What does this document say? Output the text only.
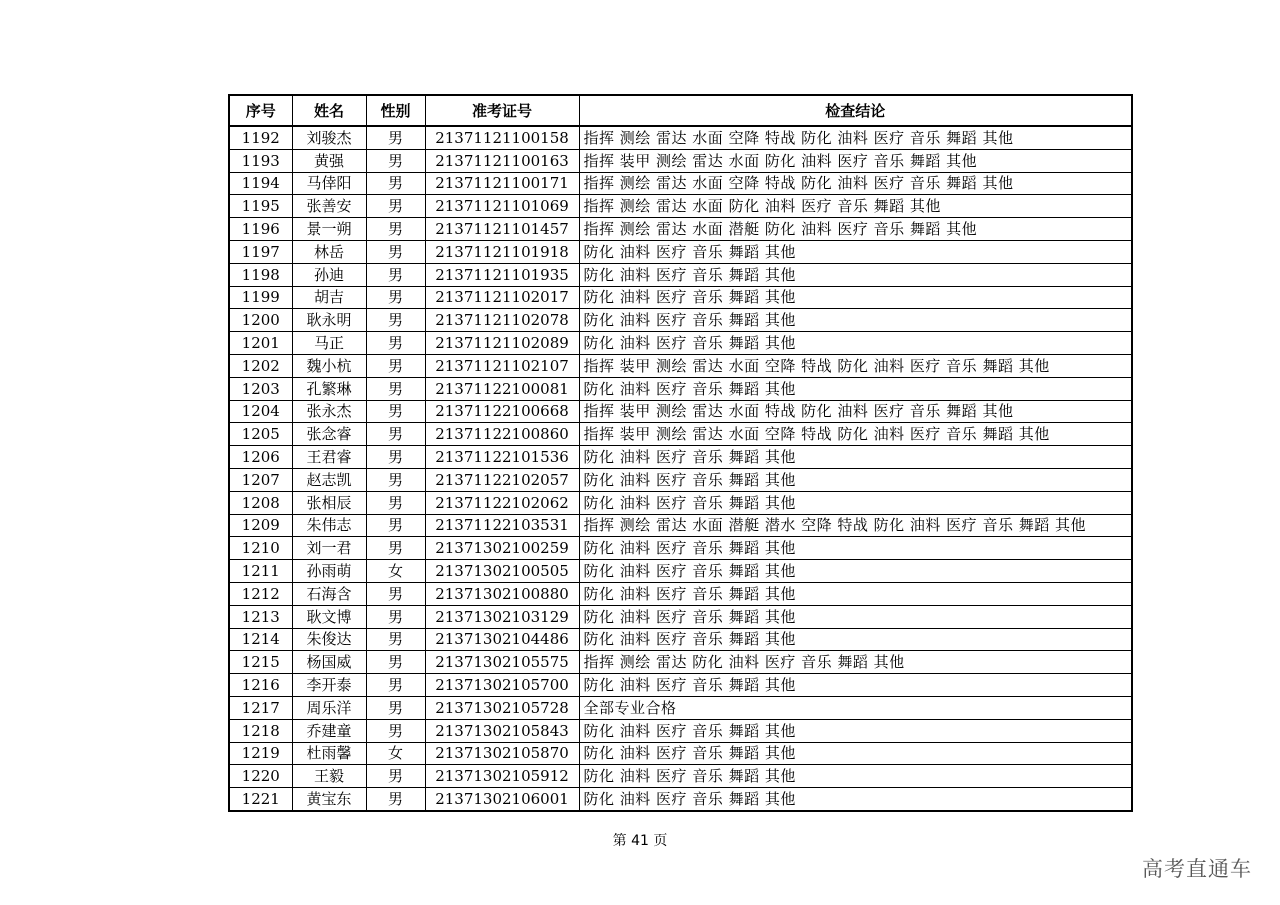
序号	姓名	性别	准考证号	检查结论
1192	刘骏杰	男	21371121100158	指挥 测绘 雷达 水面 空降 特战 防化 油料 医疗 音乐 舞蹈 其他
1193	黄强	男	21371121100163	指挥 装甲 测绘 雷达 水面 防化 油料 医疗 音乐 舞蹈 其他
1194	马倖阳	男	21371121100171	指挥 测绘 雷达 水面 空降 特战 防化 油料 医疗 音乐 舞蹈 其他
1195	张善安	男	21371121101069	指挥 测绘 雷达 水面 防化 油料 医疗 音乐 舞蹈 其他
1196	景一朔	男	21371121101457	指挥 测绘 雷达 水面 潜艇 防化 油料 医疗 音乐 舞蹈 其他
1197	林岳	男	21371121101918	防化 油料 医疗 音乐 舞蹈 其他
1198	孙迪	男	21371121101935	防化 油料 医疗 音乐 舞蹈 其他
1199	胡吉	男	21371121102017	防化 油料 医疗 音乐 舞蹈 其他
1200	耿永明	男	21371121102078	防化 油料 医疗 音乐 舞蹈 其他
1201	马正	男	21371121102089	防化 油料 医疗 音乐 舞蹈 其他
1202	魏小杭	男	21371121102107	指挥 装甲 测绘 雷达 水面 空降 特战 防化 油料 医疗 音乐 舞蹈 其他
1203	孔繁琳	男	21371122100081	防化 油料 医疗 音乐 舞蹈 其他
1204	张永杰	男	21371122100668	指挥 装甲 测绘 雷达 水面 特战 防化 油料 医疗 音乐 舞蹈 其他
1205	张念睿	男	21371122100860	指挥 装甲 测绘 雷达 水面 空降 特战 防化 油料 医疗 音乐 舞蹈 其他
1206	王君睿	男	21371122101536	防化 油料 医疗 音乐 舞蹈 其他
1207	赵志凯	男	21371122102057	防化 油料 医疗 音乐 舞蹈 其他
1208	张相辰	男	21371122102062	防化 油料 医疗 音乐 舞蹈 其他
1209	朱伟志	男	21371122103531	指挥 测绘 雷达 水面 潜艇 潜水 空降 特战 防化 油料 医疗 音乐 舞蹈 其他
1210	刘一君	男	21371302100259	防化 油料 医疗 音乐 舞蹈 其他
1211	孙雨萌	女	21371302100505	防化 油料 医疗 音乐 舞蹈 其他
1212	石海含	男	21371302100880	防化 油料 医疗 音乐 舞蹈 其他
1213	耿文博	男	21371302103129	防化 油料 医疗 音乐 舞蹈 其他
1214	朱俊达	男	21371302104486	防化 油料 医疗 音乐 舞蹈 其他
1215	杨国威	男	21371302105575	指挥 测绘 雷达 防化 油料 医疗 音乐 舞蹈 其他
1216	李开泰	男	21371302105700	防化 油料 医疗 音乐 舞蹈 其他
1217	周乐洋	男	21371302105728	全部专业合格
1218	乔建童	男	21371302105843	防化 油料 医疗 音乐 舞蹈 其他
1219	杜雨馨	女	21371302105870	防化 油料 医疗 音乐 舞蹈 其他
1220	王毅	男	21371302105912	防化 油料 医疗 音乐 舞蹈 其他
1221	黄宝东	男	21371302106001	防化 油料 医疗 音乐 舞蹈 其他
第 41 页
高考直通车
